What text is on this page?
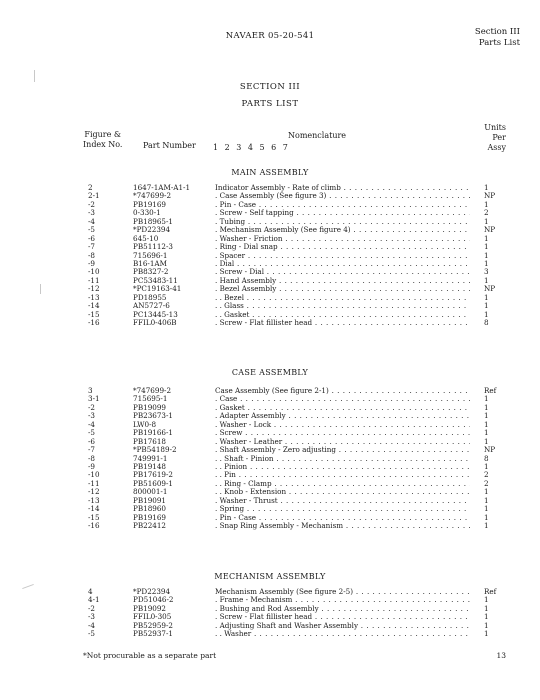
NAVAER 05-20-541	Section III
Parts List
SECTION III
PARTS LIST
Figure &
Index No.	Part Number
Nomenclature
1 2 3 4 5 6 7
Units
Per
Assy
MAIN ASSEMBLY
2	1647-1AM-A1-1	Indicator Assembly - Rate of climb . . .	1
2-1	*747699-2	. Case Assembly (See figure 3) . . .	NP
-2	PB19169	. Pin - Case . . .	1
-3	0-330-1	. Screw - Self tapping . . .	2
-4	PB18965-1	. Tubing . . .	1
-5	*PD22394	. Mechanism Assembly (See figure 4) . . .	NP
-6	645-10	. Washer - Friction . . .	1
-7	PB51112-3	. Ring - Dial snap . . .	1
-8	715696-1	. Spacer . . .	1
-9	B16-1AM	. Dial . . .	1
-10	PB8327-2	. Screw - Dial . . .	3
-11	PC53483-11	. Hand Assembly . . .	1
-12	*PC19163-41	. Bezel Assembly . . .	NP
-13	PD18955	. . Bezel . . .	1
-14	AN5727-6	. . Glass . . .	1
-15	PC13445-13	. . Gasket . . .	1
-16	FFIL0-406B	. Screw - Flat fillister head . . .	8
CASE ASSEMBLY
3	*747699-2	Case Assembly (See figure 2-1) . . .	Ref
3-1	715695-1	. Case . . .	1
-2	PB19099	. Gasket . . .	1
-3	PB23673-1	. Adapter Assembly . . .	1
-4	LW0-8	. Washer - Lock . . .	1
-5	PB19166-1	. Screw . . .	1
-6	PB17618	. Washer - Leather . . .	1
-7	*PB54189-2	. Shaft Assembly - Zero adjusting . . .	NP
-8	749991-1	. . Shaft - Pinion . . .	8
-9	PB19148	. . Pinion . . .	1
-10	PB17619-2	. . Pin . . .	2
-11	PB51609-1	. . Ring - Clamp . . .	2
-12	800001-1	. . Knob - Extension . . .	1
-13	PB19091	. Washer - Thrust . . .	1
-14	PB18960	. Spring . . .	1
-15	PB19169	. Pin - Case . . .	1
-16	PB22412	. Snap Ring Assembly - Mechanism . . .	1
MECHANISM ASSEMBLY
4	*PD22394	Mechanism Assembly (See figure 2-5) . . .	Ref
4-1	PD51046-2	. Frame - Mechanism . . .	1
-2	PB19092	. Bushing and Rod Assembly . . .	1
-3	FFIL0-305	. Screw - Flat fillister head . . .	1
-4	PB52959-2	. Adjusting Shaft and Washer Assembly . . .	1
-5	PB52937-1	. . Washer . . .	1
*Not procurable as a separate part	13
